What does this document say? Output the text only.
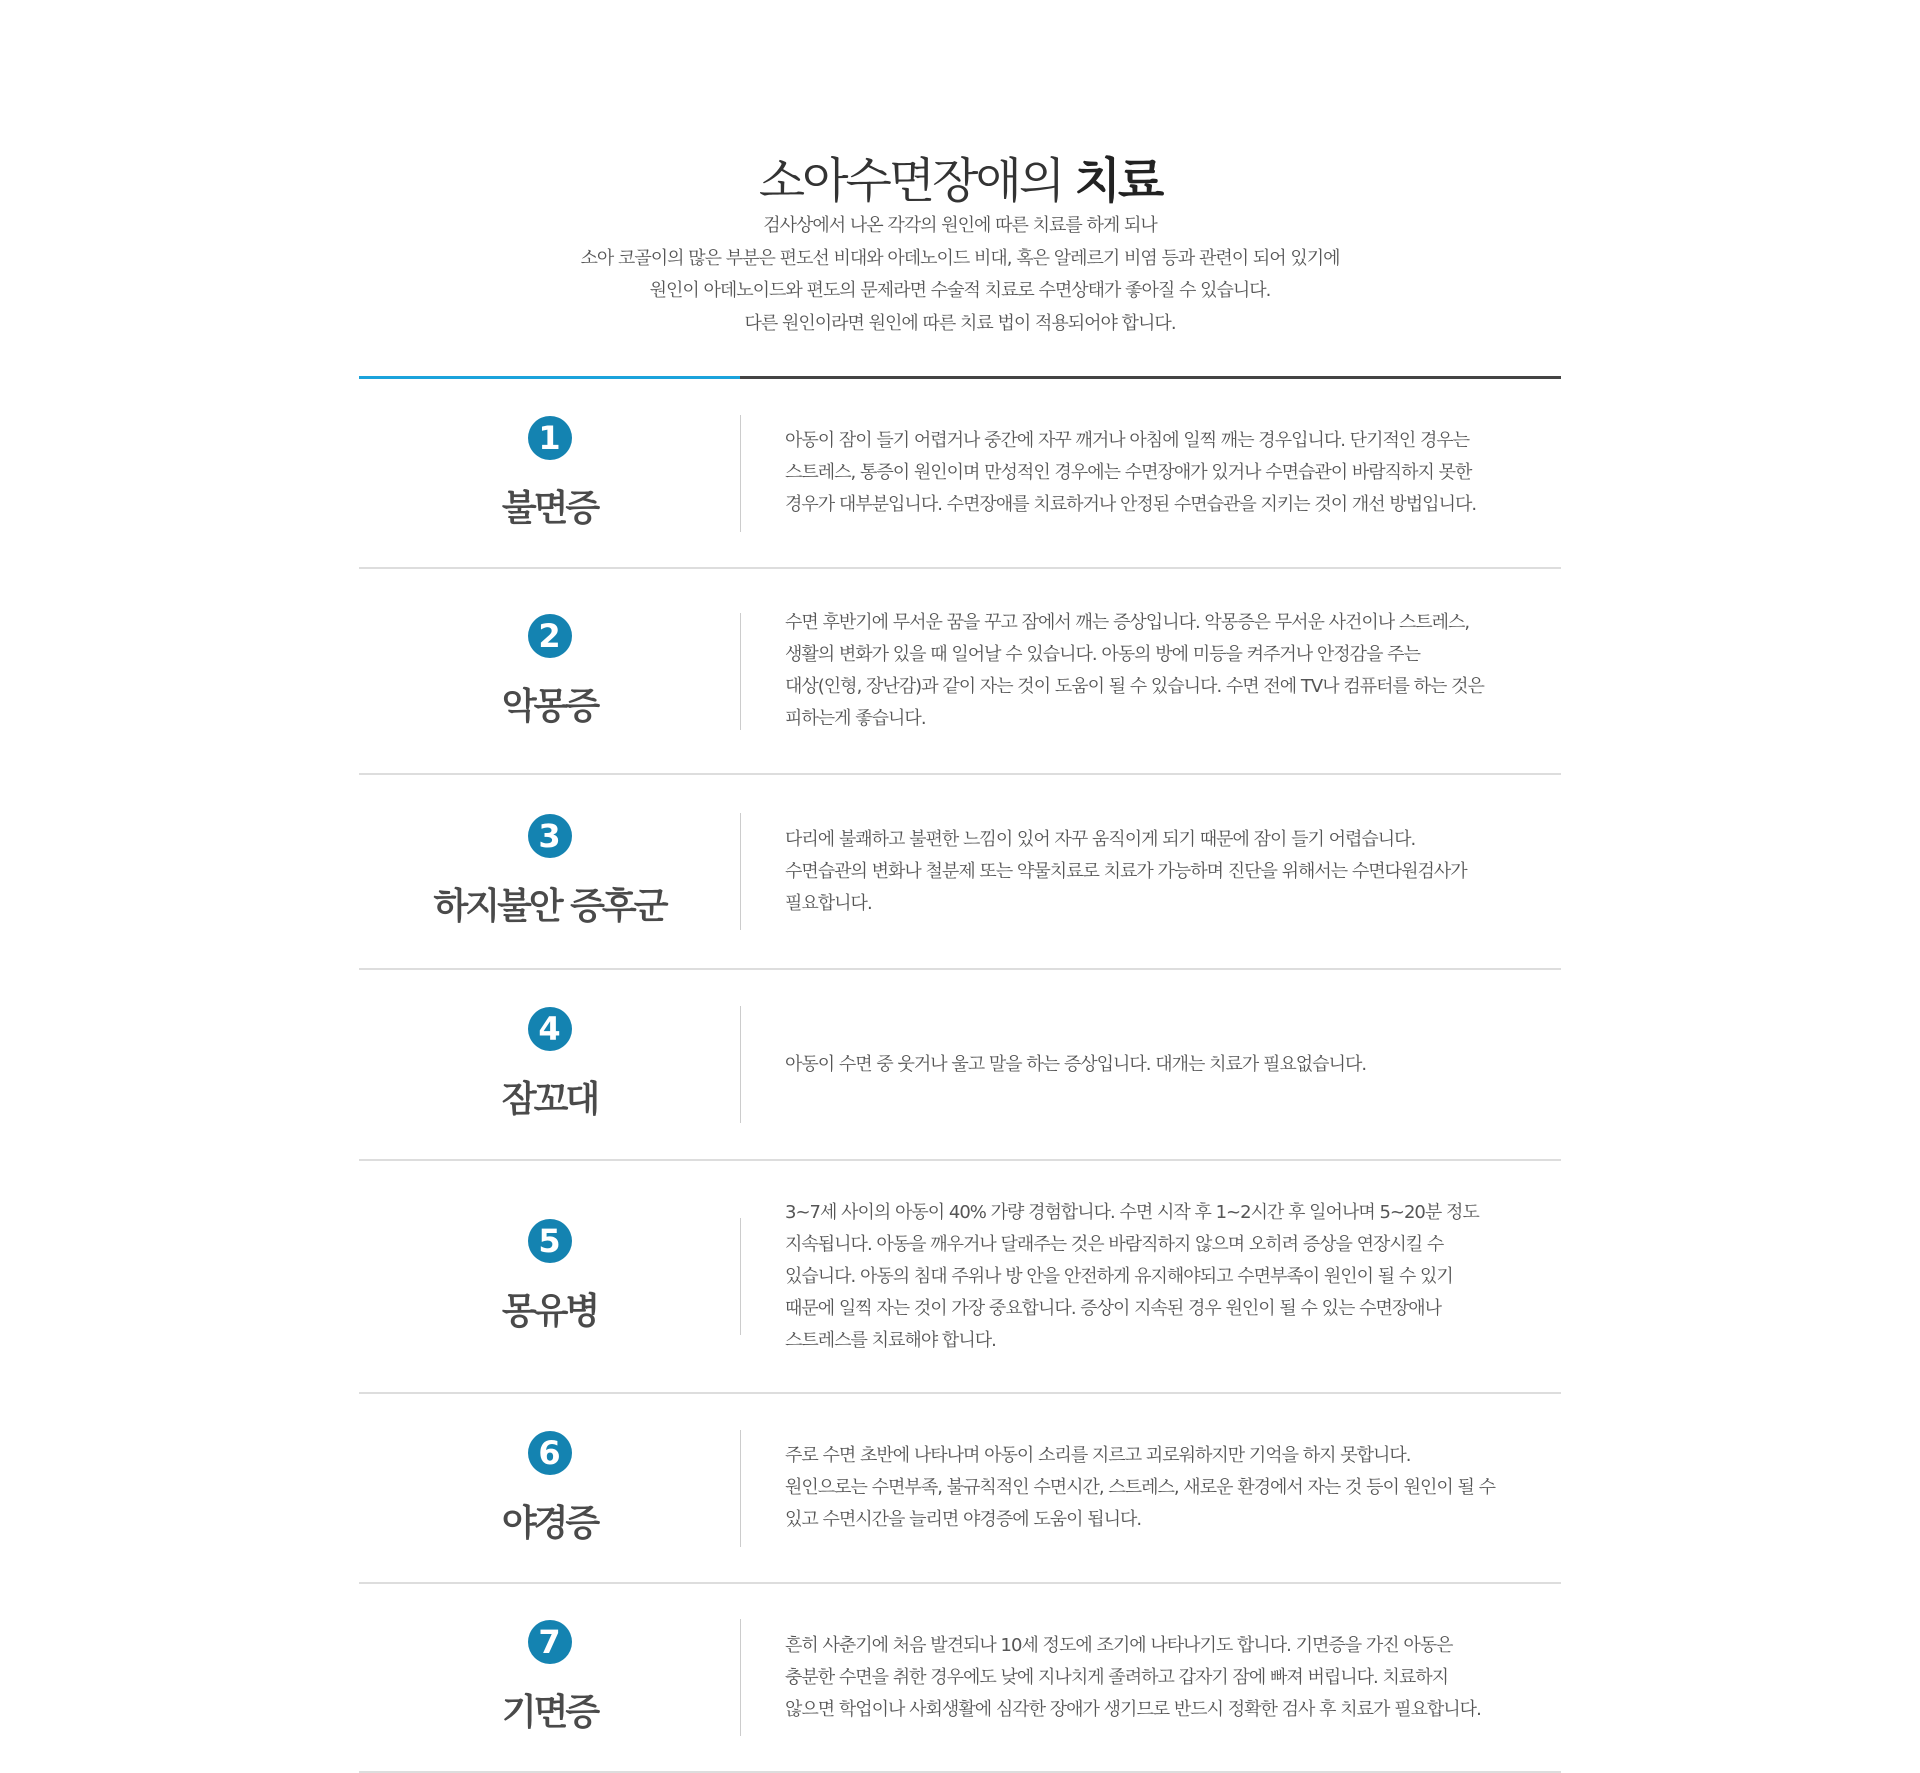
소아수면장애의 치료
검사상에서 나온 각각의 원인에 따른 치료를 하게 되나
소아 코골이의 많은 부분은 편도선 비대와 아데노이드 비대, 혹은 알레르기 비염 등과 관련이 되어 있기에
원인이 아데노이드와 편도의 문제라면 수술적 치료로 수면상태가 좋아질 수 있습니다.
다른 원인이라면 원인에 따른 치료 법이 적용되어야 합니다.
1
불면증
아동이 잠이 들기 어렵거나 중간에 자꾸 깨거나 아침에 일찍 깨는 경우입니다. 단기적인 경우는
스트레스, 통증이 원인이며 만성적인 경우에는 수면장애가 있거나 수면습관이 바람직하지 못한
경우가 대부분입니다. 수면장애를 치료하거나 안정된 수면습관을 지키는 것이 개선 방법입니다.
2
악몽증
수면 후반기에 무서운 꿈을 꾸고 잠에서 깨는 증상입니다. 악몽증은 무서운 사건이나 스트레스,
생활의 변화가 있을 때 일어날 수 있습니다. 아동의 방에 미등을 켜주거나 안정감을 주는
대상(인형, 장난감)과 같이 자는 것이 도움이 될 수 있습니다. 수면 전에 TV나 컴퓨터를 하는 것은
피하는게 좋습니다.
3
하지불안 증후군
다리에 불쾌하고 불편한 느낌이 있어 자꾸 움직이게 되기 때문에 잠이 들기 어렵습니다.
수면습관의 변화나 철분제 또는 약물치료로 치료가 가능하며 진단을 위해서는 수면다원검사가
필요합니다.
4
잠꼬대
아동이 수면 중 웃거나 울고 말을 하는 증상입니다. 대개는 치료가 필요없습니다.
5
몽유병
3~7세 사이의 아동이 40% 가량 경험합니다. 수면 시작 후 1~2시간 후 일어나며 5~20분 정도
지속됩니다. 아동을 깨우거나 달래주는 것은 바람직하지 않으며 오히려 증상을 연장시킬 수
있습니다. 아동의 침대 주위나 방 안을 안전하게 유지해야되고 수면부족이 원인이 될 수 있기
때문에 일찍 자는 것이 가장 중요합니다. 증상이 지속된 경우 원인이 될 수 있는 수면장애나
스트레스를 치료해야 합니다.
6
야경증
주로 수면 초반에 나타나며 아동이 소리를 지르고 괴로워하지만 기억을 하지 못합니다.
원인으로는 수면부족, 불규칙적인 수면시간, 스트레스, 새로운 환경에서 자는 것 등이 원인이 될 수
있고 수면시간을 늘리면 야경증에 도움이 됩니다.
7
기면증
흔히 사춘기에 처음 발견되나 10세 정도에 조기에 나타나기도 합니다. 기면증을 가진 아동은
충분한 수면을 취한 경우에도 낮에 지나치게 졸려하고 갑자기 잠에 빠져 버립니다. 치료하지
않으면 학업이나 사회생활에 심각한 장애가 생기므로 반드시 정확한 검사 후 치료가 필요합니다.
